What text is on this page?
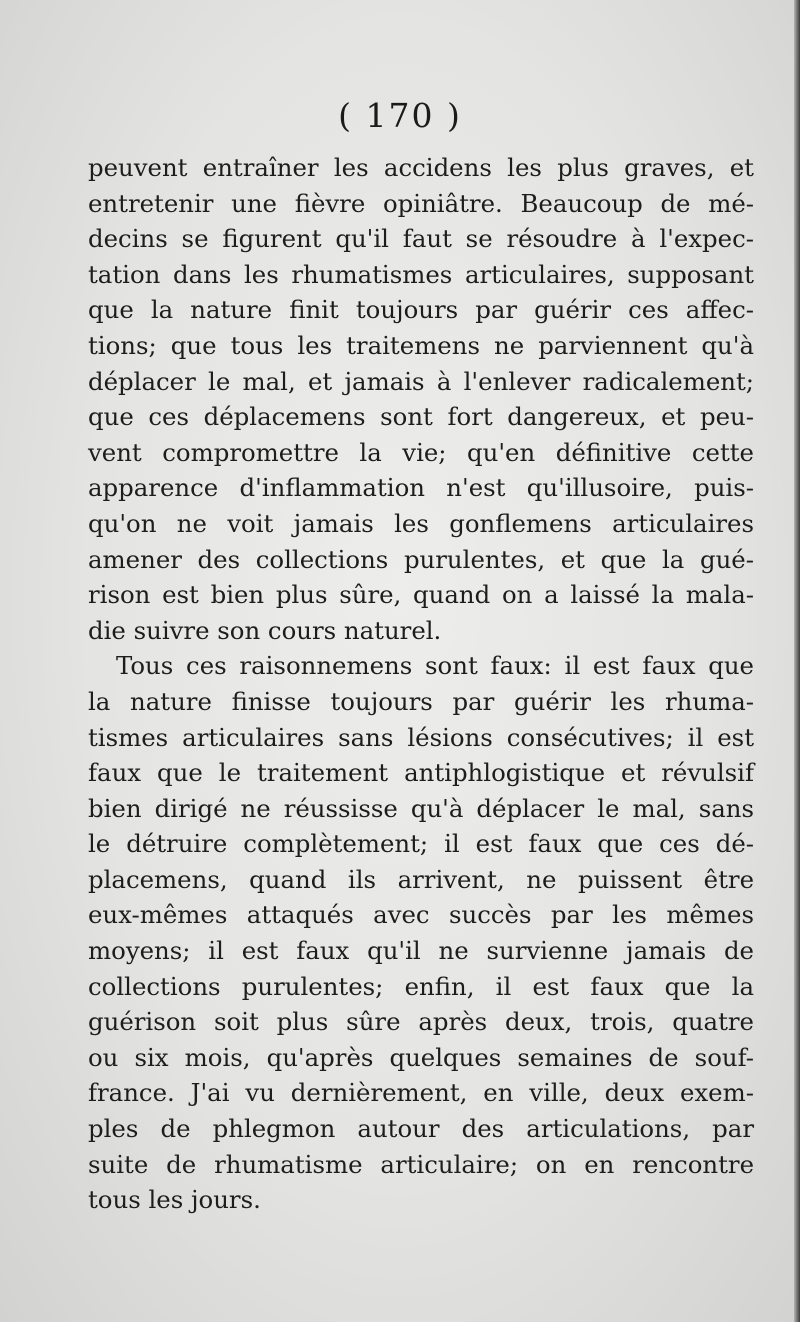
( 170 )
peuvent entraîner les accidens les plus graves, et
entretenir une fièvre opiniâtre. Beaucoup de mé-
decins se figurent qu'il faut se résoudre à l'expec-
tation dans les rhumatismes articulaires, supposant
que la nature finit toujours par guérir ces affec-
tions; que tous les traitemens ne parviennent qu'à
déplacer le mal, et jamais à l'enlever radicalement;
que ces déplacemens sont fort dangereux, et peu-
vent compromettre la vie; qu'en définitive cette
apparence d'inflammation n'est qu'illusoire, puis-
qu'on ne voit jamais les gonflemens articulaires
amener des collections purulentes, et que la gué-
rison est bien plus sûre, quand on a laissé la mala-
die suivre son cours naturel.
Tous ces raisonnemens sont faux: il est faux que
la nature finisse toujours par guérir les rhuma-
tismes articulaires sans lésions consécutives; il est
faux que le traitement antiphlogistique et révulsif
bien dirigé ne réussisse qu'à déplacer le mal, sans
le détruire complètement; il est faux que ces dé-
placemens, quand ils arrivent, ne puissent être
eux-mêmes attaqués avec succès par les mêmes
moyens; il est faux qu'il ne survienne jamais de
collections purulentes; enfin, il est faux que la
guérison soit plus sûre après deux, trois, quatre
ou six mois, qu'après quelques semaines de souf-
france. J'ai vu dernièrement, en ville, deux exem-
ples de phlegmon autour des articulations, par
suite de rhumatisme articulaire; on en rencontre
tous les jours.
